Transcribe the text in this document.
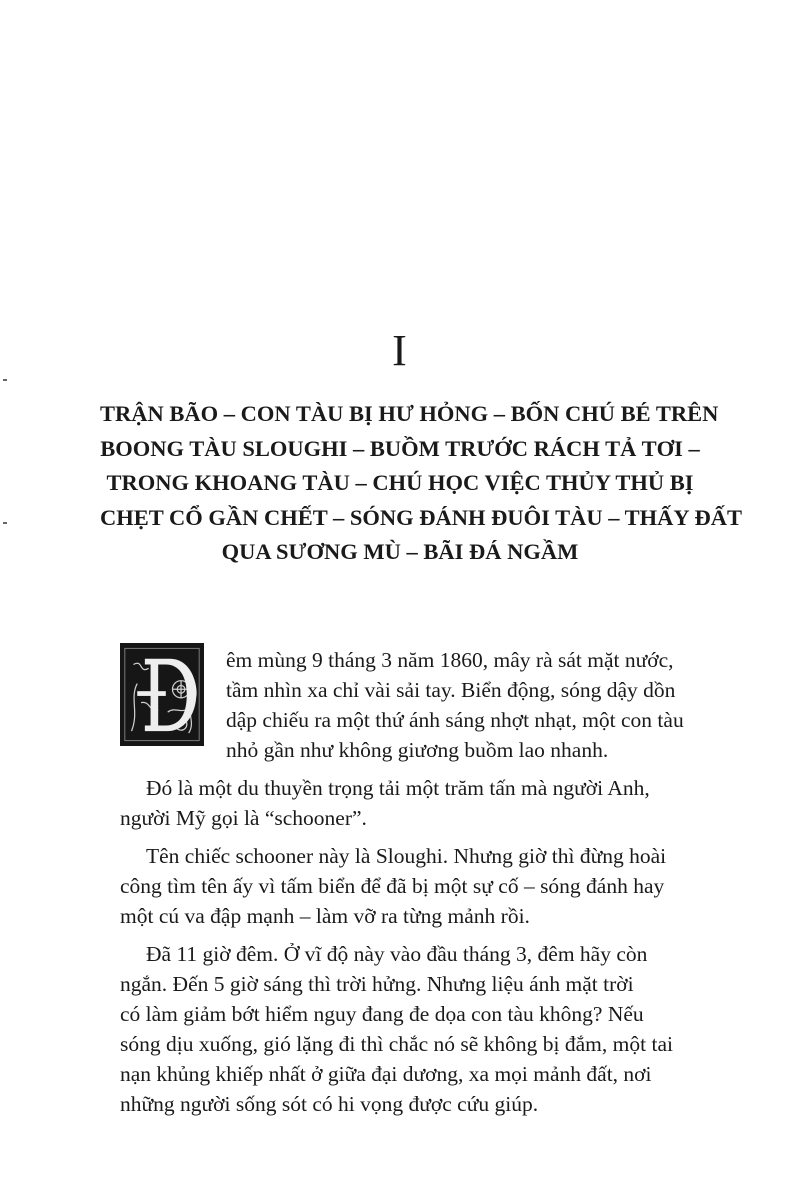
I
TRẬN BÃO – CON TÀU BỊ HƯ HỎNG – BỐN CHÚ BÉ TRÊN
BOONG TÀU SLOUGHI – BUỒM TRƯỚC RÁCH TẢ TƠI –
TRONG KHOANG TÀU – CHÚ HỌC VIỆC THỦY THỦ BỊ
CHẸT CỔ GẦN CHẾT – SÓNG ĐÁNH ĐUÔI TÀU – THẤY ĐẤT
QUA SƯƠNG MÙ – BÃI ĐÁ NGẦM
êm mùng 9 tháng 3 năm 1860, mây rà sát mặt nước,
tầm nhìn xa chỉ vài sải tay. Biển động, sóng dậy dồn
dập chiếu ra một thứ ánh sáng nhợt nhạt, một con tàu
nhỏ gần như không giương buồm lao nhanh.
Đó là một du thuyền trọng tải một trăm tấn mà người Anh,
người Mỹ gọi là “schooner”.
Tên chiếc schooner này là Sloughi. Nhưng giờ thì đừng hoài
công tìm tên ấy vì tấm biển để đã bị một sự cố – sóng đánh hay
một cú va đập mạnh – làm vỡ ra từng mảnh rồi.
Đã 11 giờ đêm. Ở vĩ độ này vào đầu tháng 3, đêm hãy còn
ngắn. Đến 5 giờ sáng thì trời hửng. Nhưng liệu ánh mặt trời
có làm giảm bớt hiểm nguy đang đe dọa con tàu không? Nếu
sóng dịu xuống, gió lặng đi thì chắc nó sẽ không bị đắm, một tai
nạn khủng khiếp nhất ở giữa đại dương, xa mọi mảnh đất, nơi
những người sống sót có hi vọng được cứu giúp.
